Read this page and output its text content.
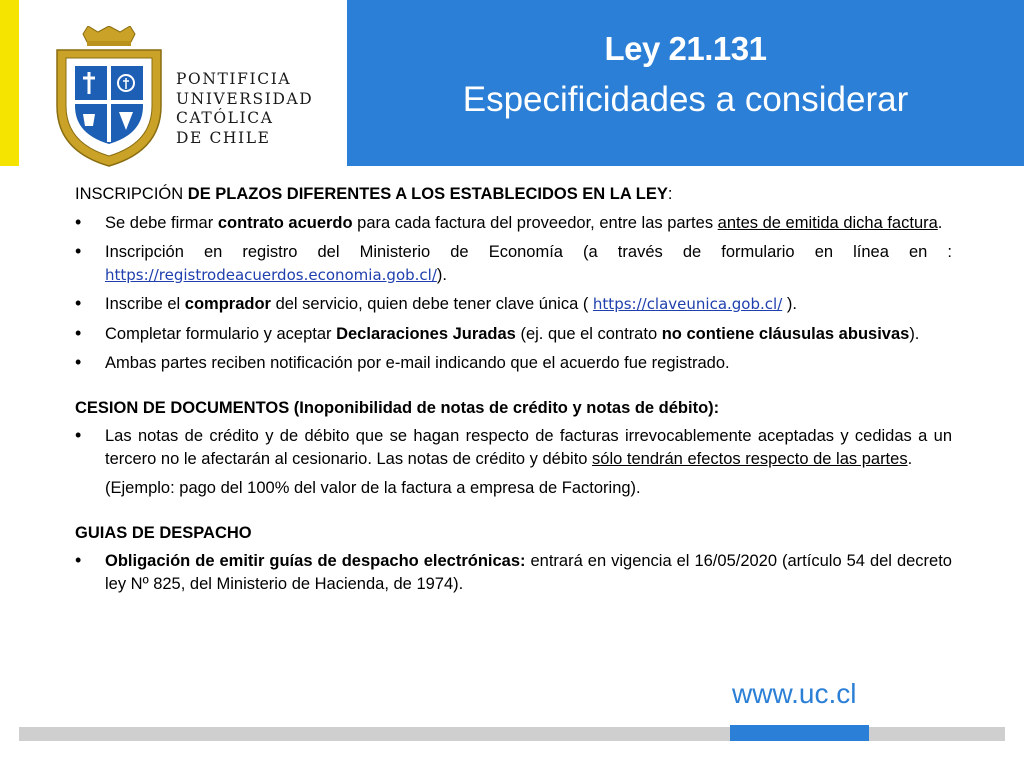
PONTIFICIA
UNIVERSIDAD
CATÓLICA
DE CHILE
Ley 21.131
Especificidades a considerar

INSCRIPCIÓN DE PLAZOS DIFERENTES A LOS ESTABLECIDOS EN LA LEY:

• Se debe firmar contrato acuerdo para cada factura del proveedor, entre las partes antes de emitida dicha factura.
• Inscripción en registro del Ministerio de Economía (a través de formulario en línea en : https://registrodeacuerdos.economia.gob.cl/).
• Inscribe el comprador del servicio, quien debe tener clave única ( https://claveunica.gob.cl/ ).
• Completar formulario y aceptar Declaraciones Juradas (ej. que el contrato no contiene cláusulas abusivas).
• Ambas partes reciben notificación por e-mail indicando que el acuerdo fue registrado.

CESION DE DOCUMENTOS (Inoponibilidad de notas de crédito y notas de débito):

• Las notas de crédito y de débito que se hagan respecto de facturas irrevocablemente aceptadas y cedidas a un tercero no le afectarán al cesionario. Las notas de crédito y débito sólo tendrán efectos respecto de las partes.

(Ejemplo: pago del 100% del valor de la factura a empresa de Factoring).

GUIAS DE DESPACHO

• Obligación de emitir guías de despacho electrónicas: entrará en vigencia el 16/05/2020 (artículo 54 del decreto ley Nº 825, del Ministerio de Hacienda, de 1974).
www.uc.cl
